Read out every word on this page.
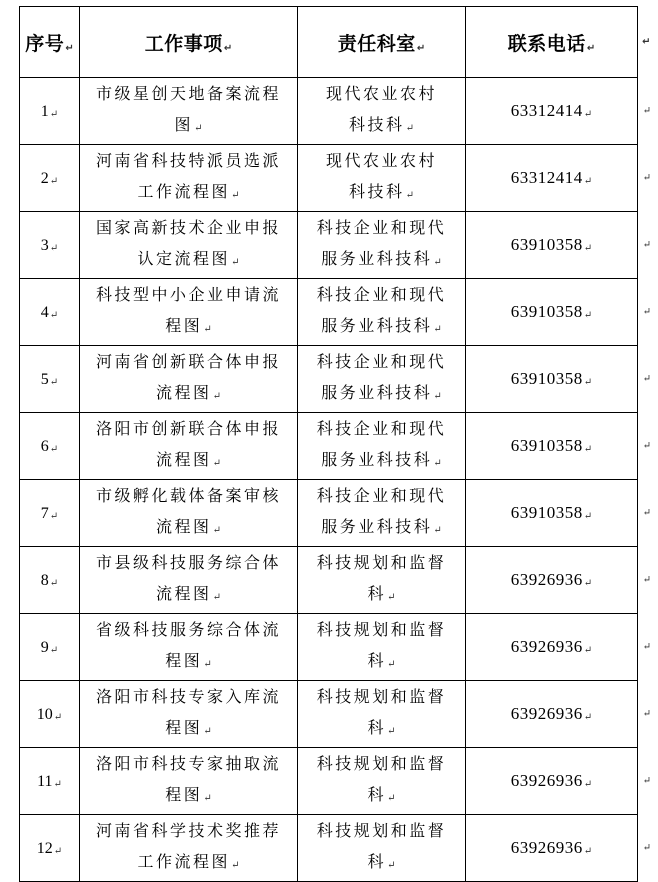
序号↵	工作事项↵	责任科室↵	联系电话↵
↵

1↵	市级星创天地备案流程
图↵	现代农业农村
科技科↵	63312414↵ ↵

2↵	河南省科技特派员选派
工作流程图↵	现代农业农村
科技科↵	63312414↵ ↵

3↵	国家高新技术企业申报
认定流程图↵	科技企业和现代
服务业科技科↵	63910358↵ ↵

4↵	科技型中小企业申请流
程图↵	科技企业和现代
服务业科技科↵	63910358↵ ↵

5↵	河南省创新联合体申报
流程图↵	科技企业和现代
服务业科技科↵	63910358↵ ↵

6↵	洛阳市创新联合体申报
流程图↵	科技企业和现代
服务业科技科↵	63910358↵ ↵

7↵	市级孵化载体备案审核
流程图↵	科技企业和现代
服务业科技科↵	63910358↵ ↵

8↵	市县级科技服务综合体
流程图↵	科技规划和监督科↵	63926936↵ ↵

9↵	省级科技服务综合体流
程图↵	科技规划和监督科↵	63926936↵ ↵

10↵	洛阳市科技专家入库流
程图↵	科技规划和监督科↵	63926936↵ ↵

11↵	洛阳市科技专家抽取流
程图↵	科技规划和监督科↵	63926936↵ ↵

12↵	河南省科学技术奖推荐
工作流程图↵	科技规划和监督科↵	63926936↵ ↵
